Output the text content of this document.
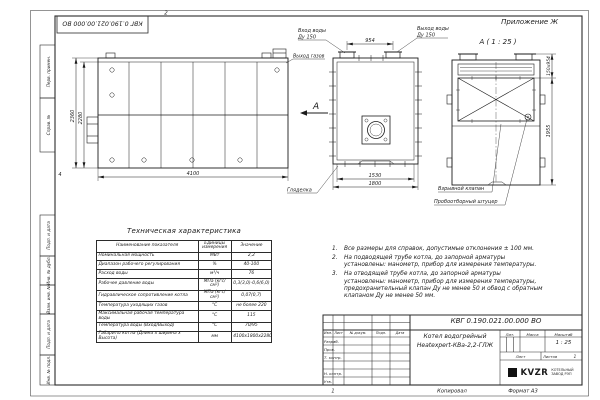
КВГ 0.190.021.00.000 ВО
2
4
Перв. примен.
Справ. №
Подп. и дата
Инв. № дубл.
Взам. инв. №
Подп. и дата
Инв. № подл.
1	Копировал	Формат А3
2360 2280
4100
Вход воды
Ду 150
Выход воды
Ду 150
Выход газов
А
Гляделка
954
1530
1800
Приложение Ж
А ( 1 : 25 )
150х954
1955
Взрывной клапан
Пробоотборный штуцер
Техническая характеристика
Наименование показателя	Единицы измерения	Значение
Номинальная мощность	МВт	2,2
Диапазон рабочего регулирования	%	40-100
Расход воды	м³/ч	76
Рабочее давление воды	МПа (кгс/см²)	0,3(3,0)-0,6(6,0)
Гидравлическое сопротивление котла	МПа (кгс/см²)	0,07(0,7)
Температура уходящих газов	°С	не более 220
Максимальная рабочая температура воды	°С	115
Температура воды (Вход/Выход)	°С	70/95
Габариты котла (Длина х ширина х Высота)	мм	4100х1800х2280
1.	Все размеры для справок, допустимые отклонения ± 100 мм.
2.	На подводящей трубе котла, до запорной арматуры установлены: манометр, прибор для измерения температуры.
3.	На отводящей трубе котла, до запорной арматуры установлены: манометр, прибор для измерения температуры, предохранительный клапан Ду не менее 50 и обвод с обратным клапаном Ду не менее 50 мм.
КВГ 0.190.021.00.000 ВО
Котел водогрейный
Heatexpert-КВа-2,2-ГЛЖ
Изм. Лист	№ докум.	Подп.	Дата
Разраб.
Пров.
Т. контр.
Н. контр.
Утв.
Лит.	Масса	Масштаб
1 : 25
Лист	Листов	1
KVZR КОТЕЛЬНЫЙ
ЗАВОД РЭП
